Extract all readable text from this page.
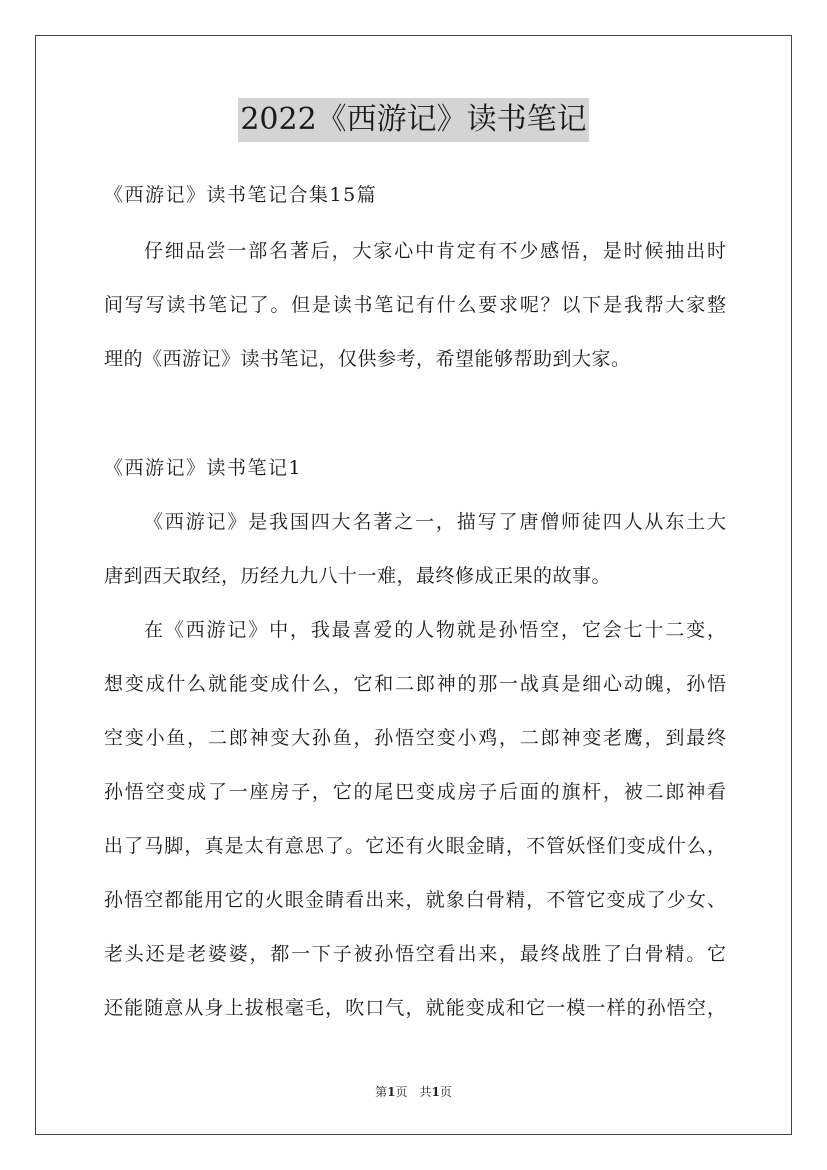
2022《西游记》读书笔记
《西游记》读书笔记合集15篇
仔细品尝一部名著后，大家心中肯定有不少感悟，是时候抽出时
间写写读书笔记了。但是读书笔记有什么要求呢？以下是我帮大家整
理的《西游记》读书笔记，仅供参考，希望能够帮助到大家。
《西游记》读书笔记1
《西游记》是我国四大名著之一，描写了唐僧师徒四人从东土大
唐到西天取经，历经九九八十一难，最终修成正果的故事。
在《西游记》中，我最喜爱的人物就是孙悟空，它会七十二变，
想变成什么就能变成什么，它和二郎神的那一战真是细心动魄，孙悟
空变小鱼，二郎神变大孙鱼，孙悟空变小鸡，二郎神变老鹰，到最终
孙悟空变成了一座房子，它的尾巴变成房子后面的旗杆，被二郎神看
出了马脚，真是太有意思了。它还有火眼金睛，不管妖怪们变成什么，
孙悟空都能用它的火眼金睛看出来，就象白骨精，不管它变成了少女、
老头还是老婆婆，都一下子被孙悟空看出来，最终战胜了白骨精。它
还能随意从身上拔根毫毛，吹口气，就能变成和它一模一样的孙悟空，
第1页　共1页
